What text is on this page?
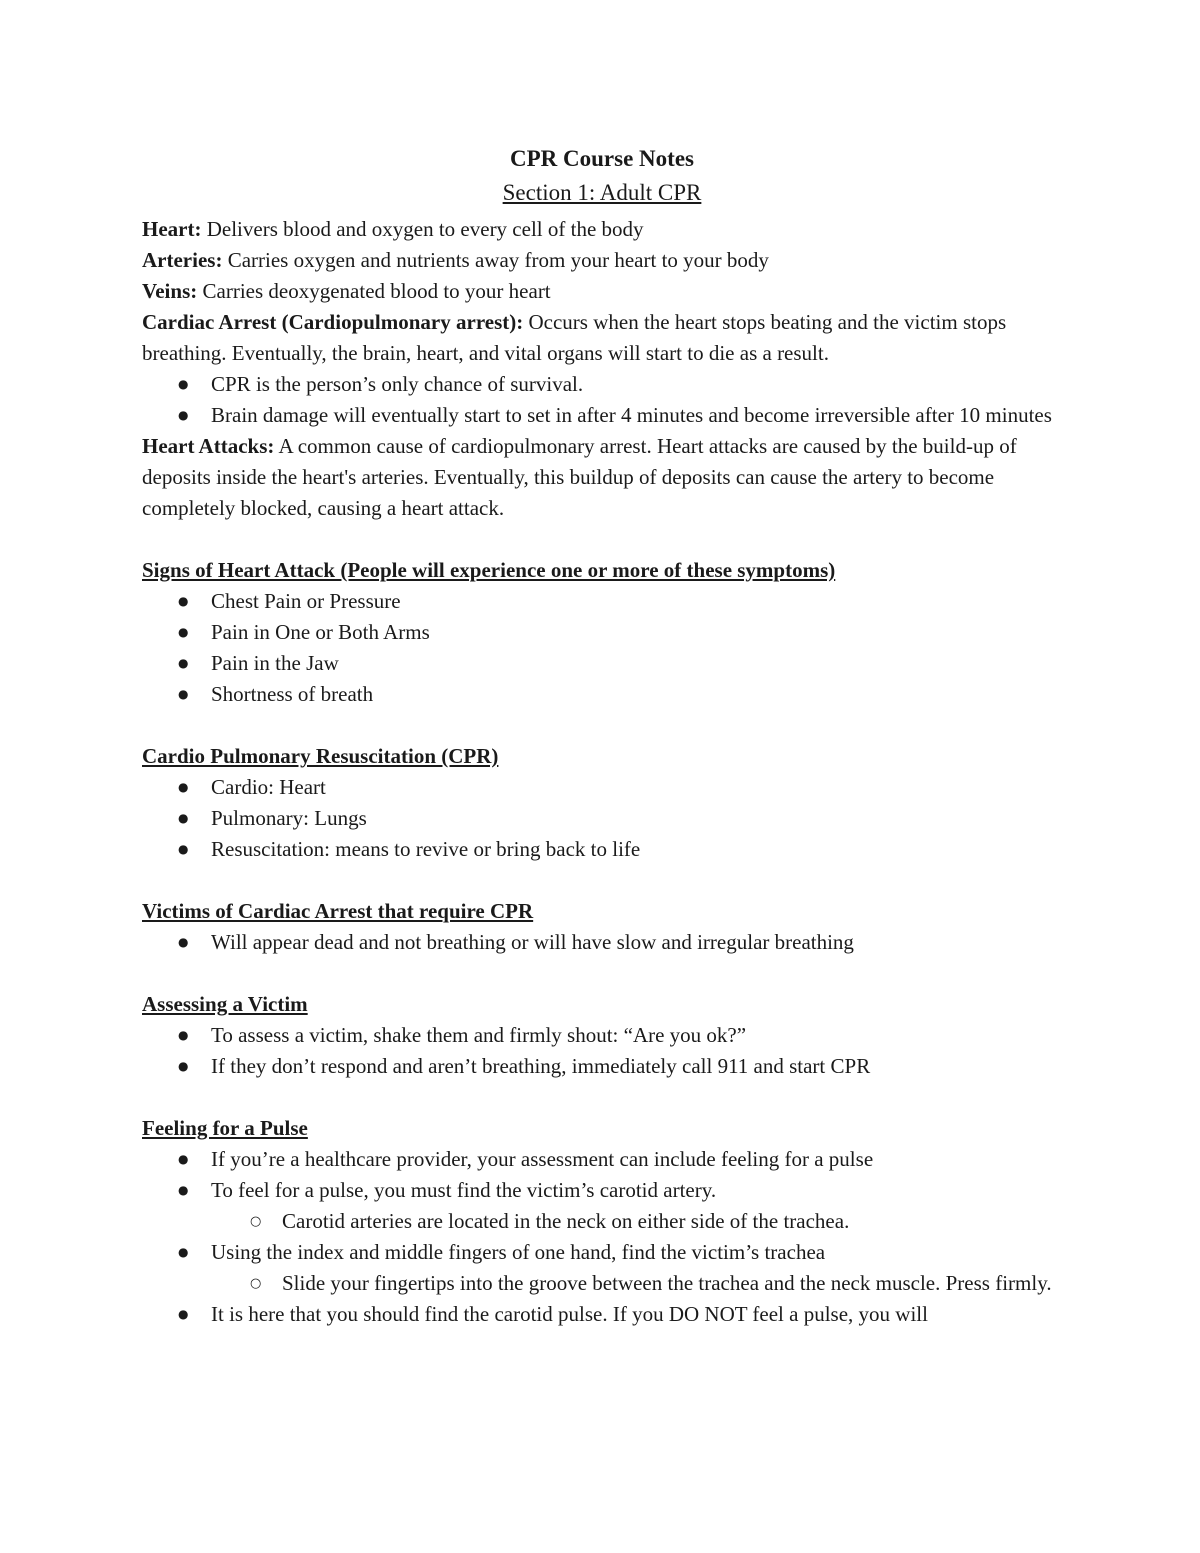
CPR Course Notes

Section 1: Adult CPR

Heart: Delivers blood and oxygen to every cell of the body

Arteries: Carries oxygen and nutrients away from your heart to your body

Veins: Carries deoxygenated blood to your heart

Cardiac Arrest (Cardiopulmonary arrest): Occurs when the heart stops beating and the victim stops breathing. Eventually, the brain, heart, and vital organs will start to die as a result.

● CPR is the person’s only chance of survival.
● Brain damage will eventually start to set in after 4 minutes and become irreversible after 10 minutes

Heart Attacks: A common cause of cardiopulmonary arrest. Heart attacks are caused by the build-up of deposits inside the heart's arteries. Eventually, this buildup of deposits can cause the artery to become completely blocked, causing a heart attack.

Signs of Heart Attack (People will experience one or more of these symptoms)

● Chest Pain or Pressure
● Pain in One or Both Arms
● Pain in the Jaw
● Shortness of breath

Cardio Pulmonary Resuscitation (CPR)

● Cardio: Heart
● Pulmonary: Lungs
● Resuscitation: means to revive or bring back to life

Victims of Cardiac Arrest that require CPR

● Will appear dead and not breathing or will have slow and irregular breathing

Assessing a Victim

● To assess a victim, shake them and firmly shout: “Are you ok?”
● If they don’t respond and aren’t breathing, immediately call 911 and start CPR

Feeling for a Pulse

● If you’re a healthcare provider, your assessment can include feeling for a pulse
● To feel for a pulse, you must find the victim’s carotid artery.
○ Carotid arteries are located in the neck on either side of the trachea.
● Using the index and middle fingers of one hand, find the victim’s trachea
○ Slide your fingertips into the groove between the trachea and the neck muscle. Press firmly.
● It is here that you should find the carotid pulse. If you DO NOT feel a pulse, you will
